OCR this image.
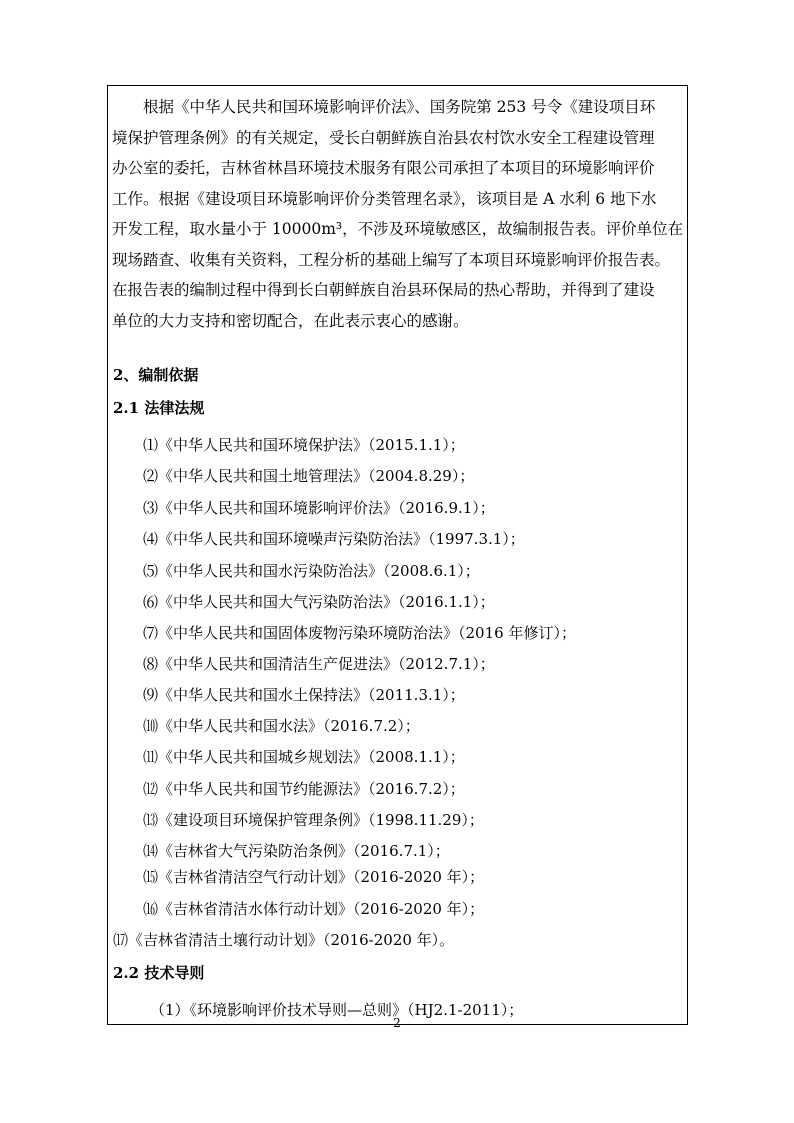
　　根据《中华人民共和国环境影响评价法》、国务院第 253 号令《建设项目环
境保护管理条例》的有关规定，受长白朝鲜族自治县农村饮水安全工程建设管理
办公室的委托，吉林省林昌环境技术服务有限公司承担了本项目的环境影响评价
工作。根据《建设项目环境影响评价分类管理名录》，该项目是 A 水利 6 地下水
开发工程，取水量小于 10000m³，不涉及环境敏感区，故编制报告表。评价单位在
现场踏查、收集有关资料，工程分析的基础上编写了本项目环境影响评价报告表。
在报告表的编制过程中得到长白朝鲜族自治县环保局的热心帮助，并得到了建设
单位的大力支持和密切配合，在此表示衷心的感谢。
2、编制依据
2.1 法律法规
⑴《中华人民共和国环境保护法》（2015.1.1）；
⑵《中华人民共和国土地管理法》（2004.8.29）；
⑶《中华人民共和国环境影响评价法》（2016.9.1）；
⑷《中华人民共和国环境噪声污染防治法》（1997.3.1）；
⑸《中华人民共和国水污染防治法》（2008.6.1）；
⑹《中华人民共和国大气污染防治法》（2016.1.1）；
⑺《中华人民共和国固体废物污染环境防治法》（2016 年修订）；
⑻《中华人民共和国清洁生产促进法》（2012.7.1）；
⑼《中华人民共和国水土保持法》（2011.3.1）；
⑽《中华人民共和国水法》（2016.7.2）；
⑾《中华人民共和国城乡规划法》（2008.1.1）；
⑿《中华人民共和国节约能源法》（2016.7.2）；
⒀《建设项目环境保护管理条例》（1998.11.29）；
⒁《吉林省大气污染防治条例》（2016.7.1）；
⒂《吉林省清洁空气行动计划》（2016-2020 年）；
⒃《吉林省清洁水体行动计划》（2016-2020 年）；
⒄《吉林省清洁土壤行动计划》（2016-2020 年）。
2.2 技术导则
（1）《环境影响评价技术导则—总则》（HJ2.1-2011）；
2
